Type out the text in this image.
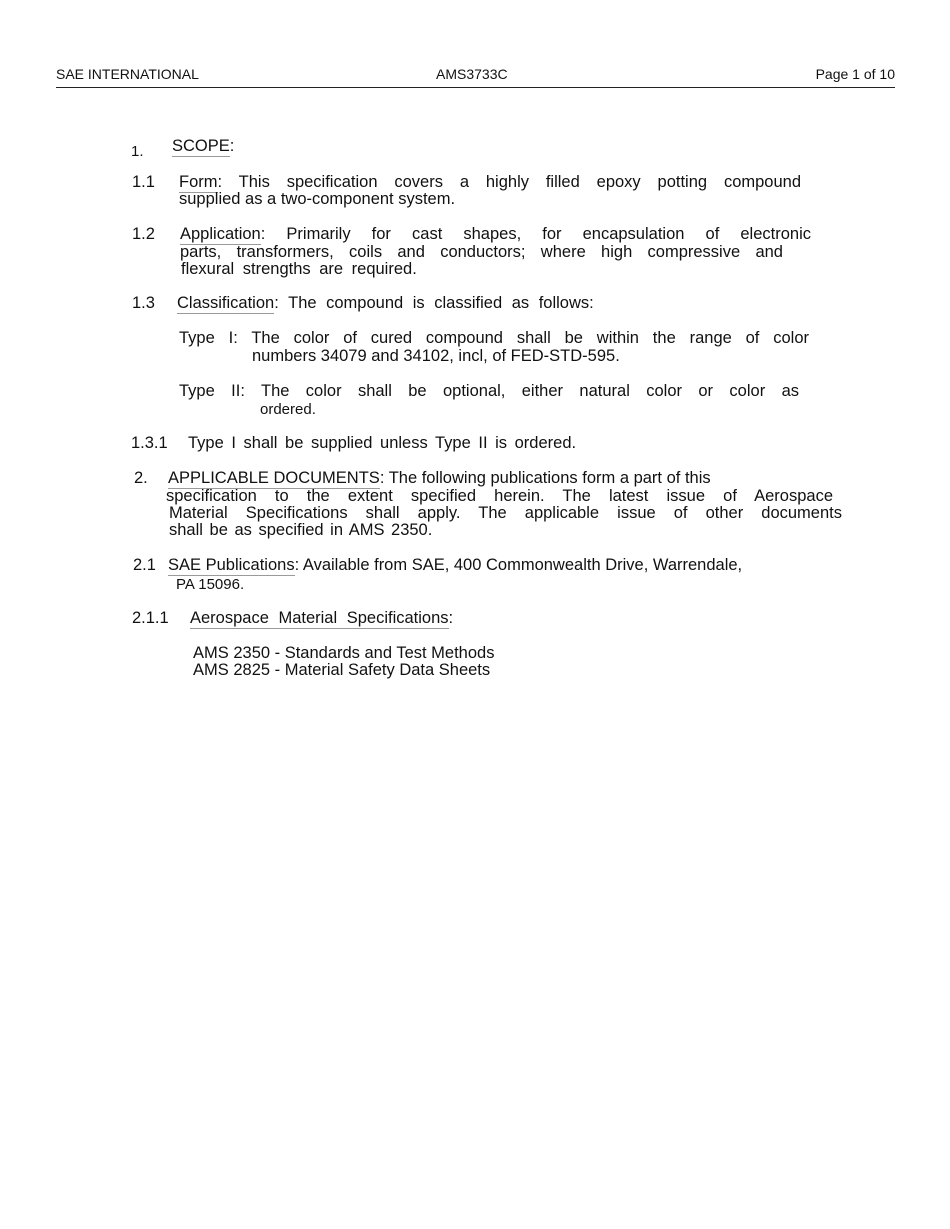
SAE INTERNATIONAL	AMS3733C	Page 1 of 10
1. SCOPE:
1.1 Form: This specification covers a highly filled epoxy potting compound
supplied as a two-component system.
1.2 Application: Primarily for cast shapes, for encapsulation of electronic
parts, transformers, coils and conductors; where high compressive and
flexural strengths are required.
1.3 Classification: The compound is classified as follows:
Type I: The color of cured compound shall be within the range of color
numbers 34079 and 34102, incl, of FED-STD-595.
Type II: The color shall be optional, either natural color or color as
ordered.
1.3.1 Type I shall be supplied unless Type II is ordered.
2. APPLICABLE DOCUMENTS: The following publications form a part of this
specification to the extent specified herein. The latest issue of Aerospace
Material Specifications shall apply. The applicable issue of other documents
shall be as specified in AMS 2350.
2.1 SAE Publications: Available from SAE, 400 Commonwealth Drive, Warrendale,
PA 15096.
2.1.1 Aerospace Material Specifications:
AMS 2350 - Standards and Test Methods
AMS 2825 - Material Safety Data Sheets
